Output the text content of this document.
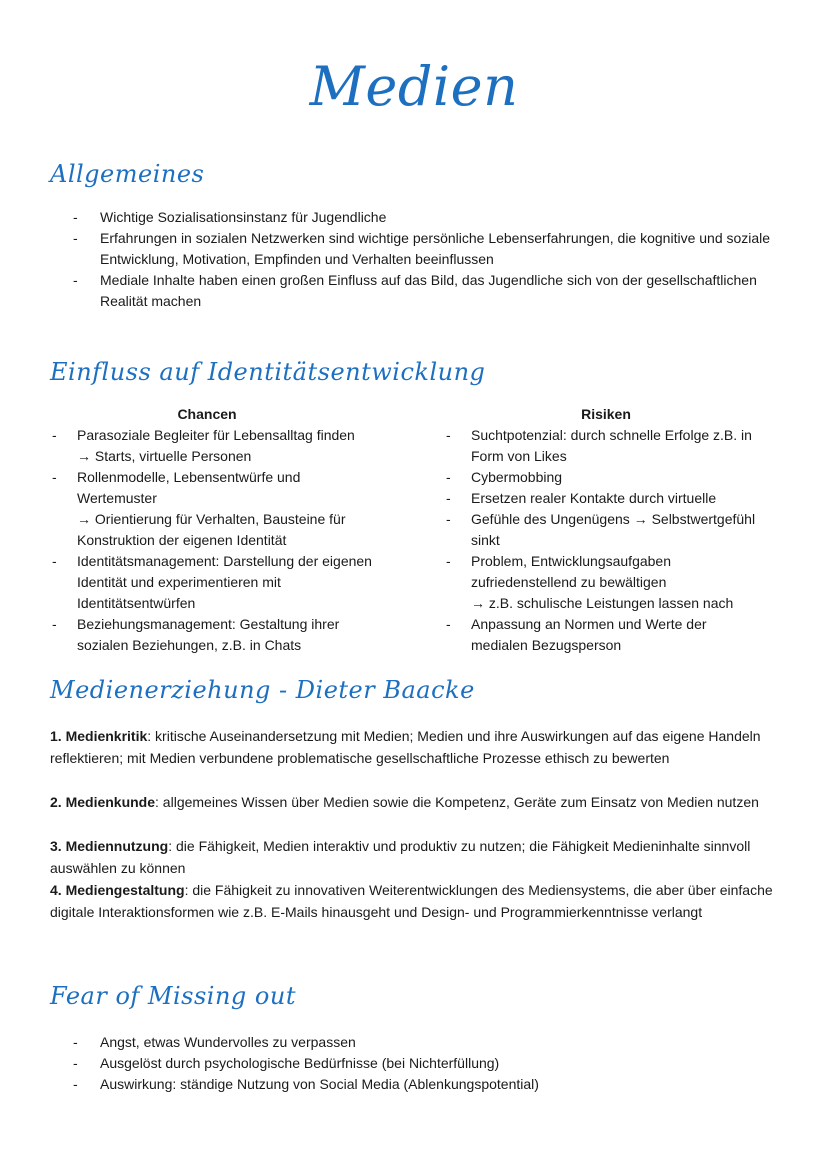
Medien
Allgemeines
- Wichtige Sozialisationsinstanz für Jugendliche
- Erfahrungen in sozialen Netzwerken sind wichtige persönliche Lebenserfahrungen, die kognitive und soziale Entwicklung, Motivation, Empfinden und Verhalten beeinflussen
- Mediale Inhalte haben einen großen Einfluss auf das Bild, das Jugendliche sich von der gesellschaftlichen Realität machen
Einfluss auf Identitätsentwicklung
Chancen
- Parasoziale Begleiter für Lebensalltag finden
→ Starts, virtuelle Personen
- Rollenmodelle, Lebensentwürfe und Wertemuster
→ Orientierung für Verhalten, Bausteine für Konstruktion der eigenen Identität
- Identitätsmanagement: Darstellung der eigenen Identität und experimentieren mit Identitätsentwürfen
- Beziehungsmanagement: Gestaltung ihrer sozialen Beziehungen, z.B. in Chats
Risiken
- Suchtpotenzial: durch schnelle Erfolge z.B. in Form von Likes
- Cybermobbing
- Ersetzen realer Kontakte durch virtuelle
- Gefühle des Ungenügens → Selbstwertgefühl sinkt
- Problem, Entwicklungsaufgaben zufriedenstellend zu bewältigen
→ z.B. schulische Leistungen lassen nach
- Anpassung an Normen und Werte der medialen Bezugsperson
Medienerziehung - Dieter Baacke

1. Medienkritik: kritische Auseinandersetzung mit Medien; Medien und ihre Auswirkungen auf das eigene Handeln reflektieren; mit Medien verbundene problematische gesellschaftliche Prozesse ethisch zu bewerten

2. Medienkunde: allgemeines Wissen über Medien sowie die Kompetenz, Geräte zum Einsatz von Medien nutzen

3. Mediennutzung: die Fähigkeit, Medien interaktiv und produktiv zu nutzen; die Fähigkeit Medieninhalte sinnvoll auswählen zu können

4. Mediengestaltung: die Fähigkeit zu innovativen Weiterentwicklungen des Mediensystems, die aber über einfache digitale Interaktionsformen wie z.B. E-Mails hinausgeht und Design- und Programmierkenntnisse verlangt

Fear of Missing out
- Angst, etwas Wundervolles zu verpassen
- Ausgelöst durch psychologische Bedürfnisse (bei Nichterfüllung)
- Auswirkung: ständige Nutzung von Social Media (Ablenkungspotential)
